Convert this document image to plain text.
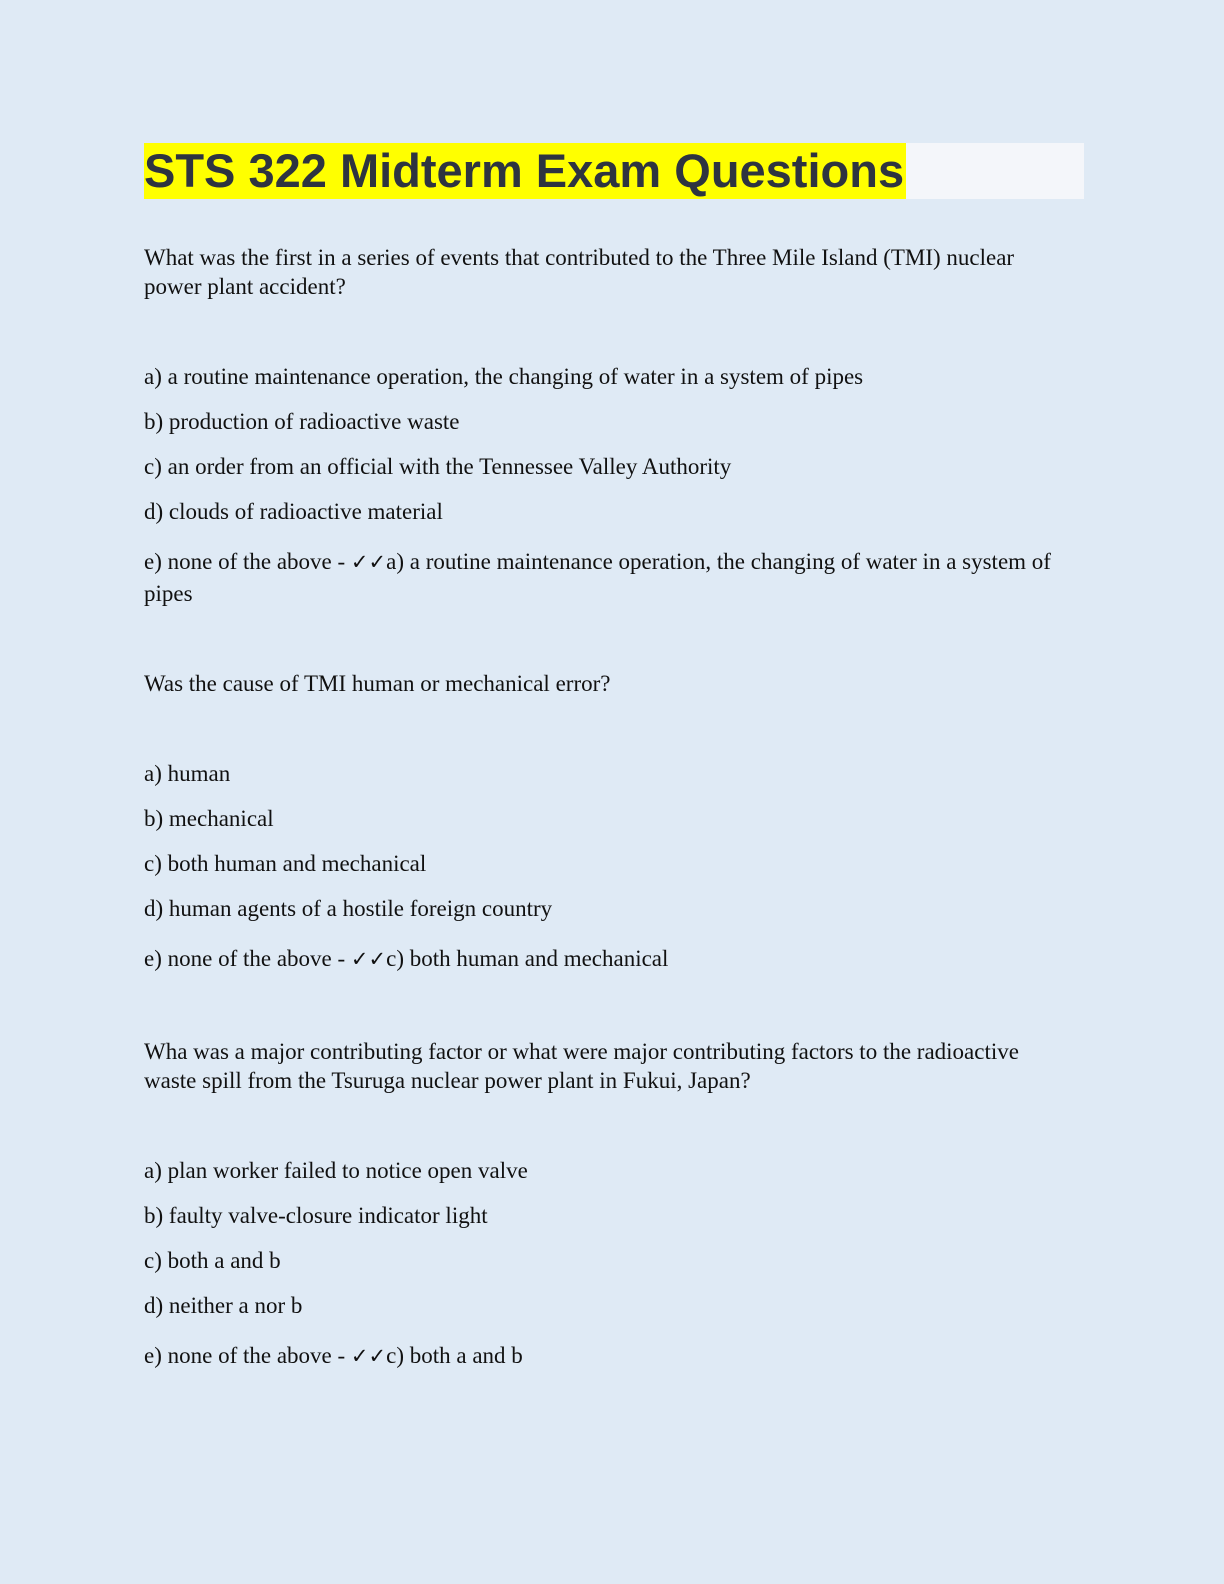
STS 322 Midterm Exam Questions

What was the first in a series of events that contributed to the Three Mile Island (TMI) nuclear power plant accident?

a) a routine maintenance operation, the changing of water in a system of pipes

b) production of radioactive waste

c) an order from an official with the Tennessee Valley Authority

d) clouds of radioactive material

e) none of the above - ✓✓a) a routine maintenance operation, the changing of water in a system of pipes

Was the cause of TMI human or mechanical error?

a) human

b) mechanical

c) both human and mechanical

d) human agents of a hostile foreign country

e) none of the above - ✓✓c) both human and mechanical

Wha was a major contributing factor or what were major contributing factors to the radioactive waste spill from the Tsuruga nuclear power plant in Fukui, Japan?

a) plan worker failed to notice open valve

b) faulty valve-closure indicator light

c) both a and b

d) neither a nor b

e) none of the above - ✓✓c) both a and b
